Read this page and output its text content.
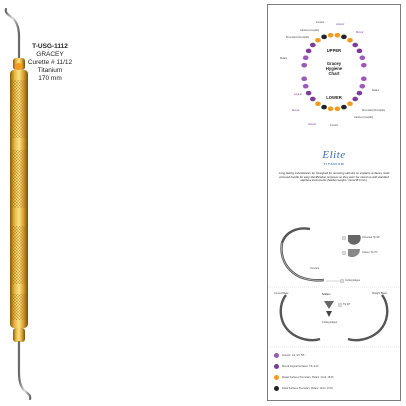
T-USG-1112
GRACEY
Curette # 11/12
Titanium
170 mm
UPPER
Gracey
Hygiene
Chart
LOWER
Incisors
Anterior
Canines (cuspids)
Premolars (bicuspids)
Molars
Buccal
Lingual
Molars
Premolars (bicuspids)
Canines (cuspids)
Incisors
Anterior
Buccal
Elite
TITANIUM
Long lasting solid titanium tip. Designed for removing calculus on implants surfaces. Gold coloured handle for easy identification purposes so they won't be mixed up with standard stainless instruments (feather weight / round Ø 9 mm).
Curettes
Universal Tip 90°
Gracey Tip 70°
Cutting Edges
Curved Blade	Scalers
Tip 90°
Straight Blade
Cutting Edges
Anterior: 1/2, 3/4, 5/6
Buccal Lingual Surfaces: 7/8, 9/10
Mesial Surfaces Premolars, Molars: 11/12, 15/16
Distal Surfaces Premolars, Molars: 13/14, 17/18
